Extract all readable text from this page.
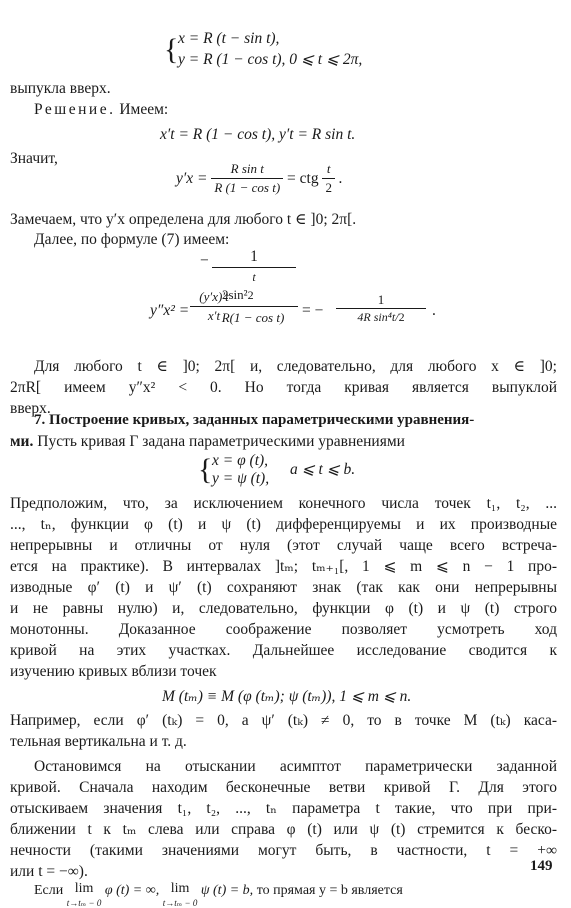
{ x = R (t − sin t),
y = R (1 − cos t), 0 ⩽ t ⩽ 2π,
выпукла вверх.
Решение. Имеем:
x′t = R (1 − cos t), y′t = R sin t.
Значит,
$y'x = \frac{\text{R sin t}}{\text{R (1 − cos t)}}$ = ctg $\frac{t}{2}$ .
Замечаем, что y′x определена для любого t ∈ ]0; 2π[.
Далее, по формуле (7) имеем:
−	1
t
2sin²2
y″x² =
(y′x)′t
x′t R(1 − cos t)	= −
1
4R sin⁴t/2	.
Для любого t ∈ ]0; 2π[ и, следовательно, для любого x ∈ ]0;
2πR[ имеем y″x² < 0. Но тогда кривая является выпуклой
вверх.
7. Построение кривых, заданных параметрическими уравнения-
ми. Пусть кривая Γ задана параметрическими уравнениями
{ x = φ (t),
y = ψ (t),
a ⩽ t ⩽ b.
Предположим, что, за исключением конечного числа точек t₁, t₂, ...
..., tₙ, функции φ (t) и ψ (t) дифференцируемы и их производные
непрерывны и отличны от нуля (этот случай чаще всего встреча-
ется на практике). В интервалах ]tₘ; tₘ₊₁[, 1 ⩽ m ⩽ n − 1 про-
изводные φ′ (t) и ψ′ (t) сохраняют знак (так как они непрерывны
и не равны нулю) и, следовательно, функции φ (t) и ψ (t) строго
монотонны. Доказанное соображение позволяет усмотреть ход
кривой на этих участках. Дальнейшее исследование сводится к
изучению кривых вблизи точек
M (tₘ) ≡ M (φ (tₘ); ψ (tₘ)), 1 ⩽ m ⩽ n.
Например, если φ′ (tₖ) = 0, а ψ′ (tₖ) ≠ 0, то в точке M (tₖ) каса-
тельная вертикальна и т. д.
Остановимся на отыскании асимптот параметрически заданной
кривой. Сначала находим бесконечные ветви кривой Γ. Для этого
отыскиваем значения t₁, t₂, ..., tₙ параметра t такие, что при при-
ближении t к tₘ слева или справа φ (t) или ψ (t) стремится к беско-
нечности (такими значениями могут быть, в частности, t = +∞
или t = −∞).
Если lim
t→tₘ − 0
φ (t) = ∞, lim
t→tₘ − 0
ψ (t) = b, то прямая y = b является
149
